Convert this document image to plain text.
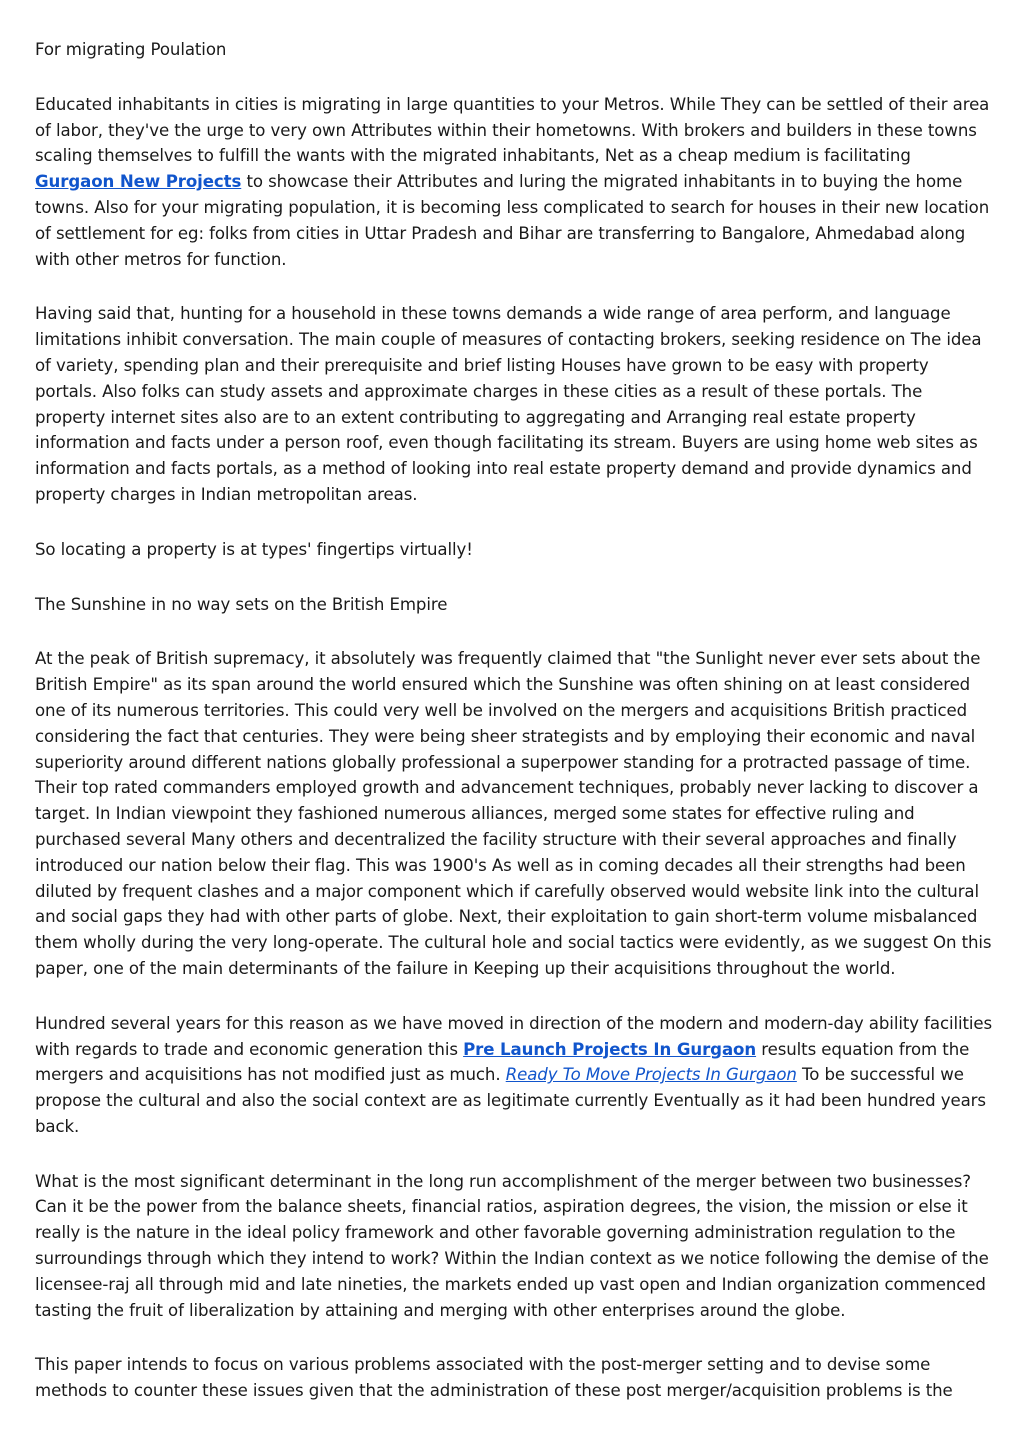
For migrating Poulation

Educated inhabitants in cities is migrating in large quantities to your Metros. While They can be settled of their area of labor, they've the urge to very own Attributes within their hometowns. With brokers and builders in these towns scaling themselves to fulfill the wants with the migrated inhabitants, Net as a cheap medium is facilitating Gurgaon New Projects to showcase their Attributes and luring the migrated inhabitants in to buying the home towns. Also for your migrating population, it is becoming less complicated to search for houses in their new location of settlement for eg: folks from cities in Uttar Pradesh and Bihar are transferring to Bangalore, Ahmedabad along with other metros for function.

Having said that, hunting for a household in these towns demands a wide range of area perform, and language limitations inhibit conversation. The main couple of measures of contacting brokers, seeking residence on The idea of variety, spending plan and their prerequisite and brief listing Houses have grown to be easy with property portals. Also folks can study assets and approximate charges in these cities as a result of these portals. The property internet sites also are to an extent contributing to aggregating and Arranging real estate property information and facts under a person roof, even though facilitating its stream. Buyers are using home web sites as information and facts portals, as a method of looking into real estate property demand and provide dynamics and property charges in Indian metropolitan areas.

So locating a property is at types' fingertips virtually!

The Sunshine in no way sets on the British Empire

At the peak of British supremacy, it absolutely was frequently claimed that "the Sunlight never ever sets about the British Empire" as its span around the world ensured which the Sunshine was often shining on at least considered one of its numerous territories. This could very well be involved on the mergers and acquisitions British practiced considering the fact that centuries. They were being sheer strategists and by employing their economic and naval superiority around different nations globally professional a superpower standing for a protracted passage of time. Their top rated commanders employed growth and advancement techniques, probably never lacking to discover a target. In Indian viewpoint they fashioned numerous alliances, merged some states for effective ruling and purchased several Many others and decentralized the facility structure with their several approaches and finally introduced our nation below their flag. This was 1900's As well as in coming decades all their strengths had been diluted by frequent clashes and a major component which if carefully observed would website link into the cultural and social gaps they had with other parts of globe. Next, their exploitation to gain short-term volume misbalanced them wholly during the very long-operate. The cultural hole and social tactics were evidently, as we suggest On this paper, one of the main determinants of the failure in Keeping up their acquisitions throughout the world.

Hundred several years for this reason as we have moved in direction of the modern and modern-day ability facilities with regards to trade and economic generation this Pre Launch Projects In Gurgaon results equation from the mergers and acquisitions has not modified just as much. Ready To Move Projects In Gurgaon To be successful we propose the cultural and also the social context are as legitimate currently Eventually as it had been hundred years back.

What is the most significant determinant in the long run accomplishment of the merger between two businesses? Can it be the power from the balance sheets, financial ratios, aspiration degrees, the vision, the mission or else it really is the nature in the ideal policy framework and other favorable governing administration regulation to the surroundings through which they intend to work? Within the Indian context as we notice following the demise of the licensee-raj all through mid and late nineties, the markets ended up vast open and Indian organization commenced tasting the fruit of liberalization by attaining and merging with other enterprises around the globe.

This paper intends to focus on various problems associated with the post-merger setting and to devise some methods to counter these issues given that the administration of these post merger/acquisition problems is the
